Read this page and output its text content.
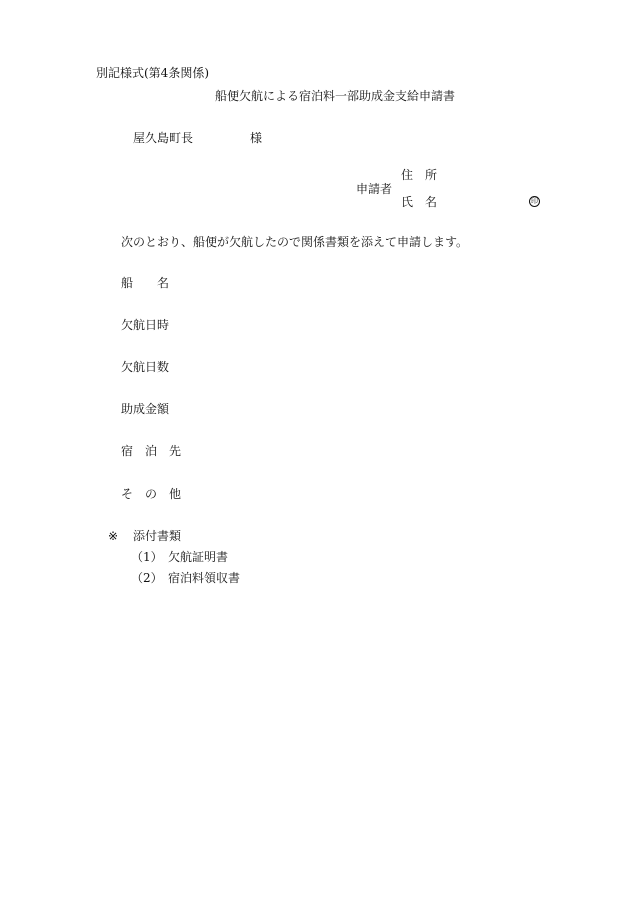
別記様式(第4条関係)
船便欠航による宿泊料一部助成金支給申請書
屋久島町長	様
申請者
住　所
氏　名	印
次のとおり、船便が欠航したので関係書類を添えて申請します。
船　　名
欠航日時
欠航日数
助成金額
宿　泊　先
そ　の　他
※ 添付書類
（1） 欠航証明書
（2） 宿泊料領収書
